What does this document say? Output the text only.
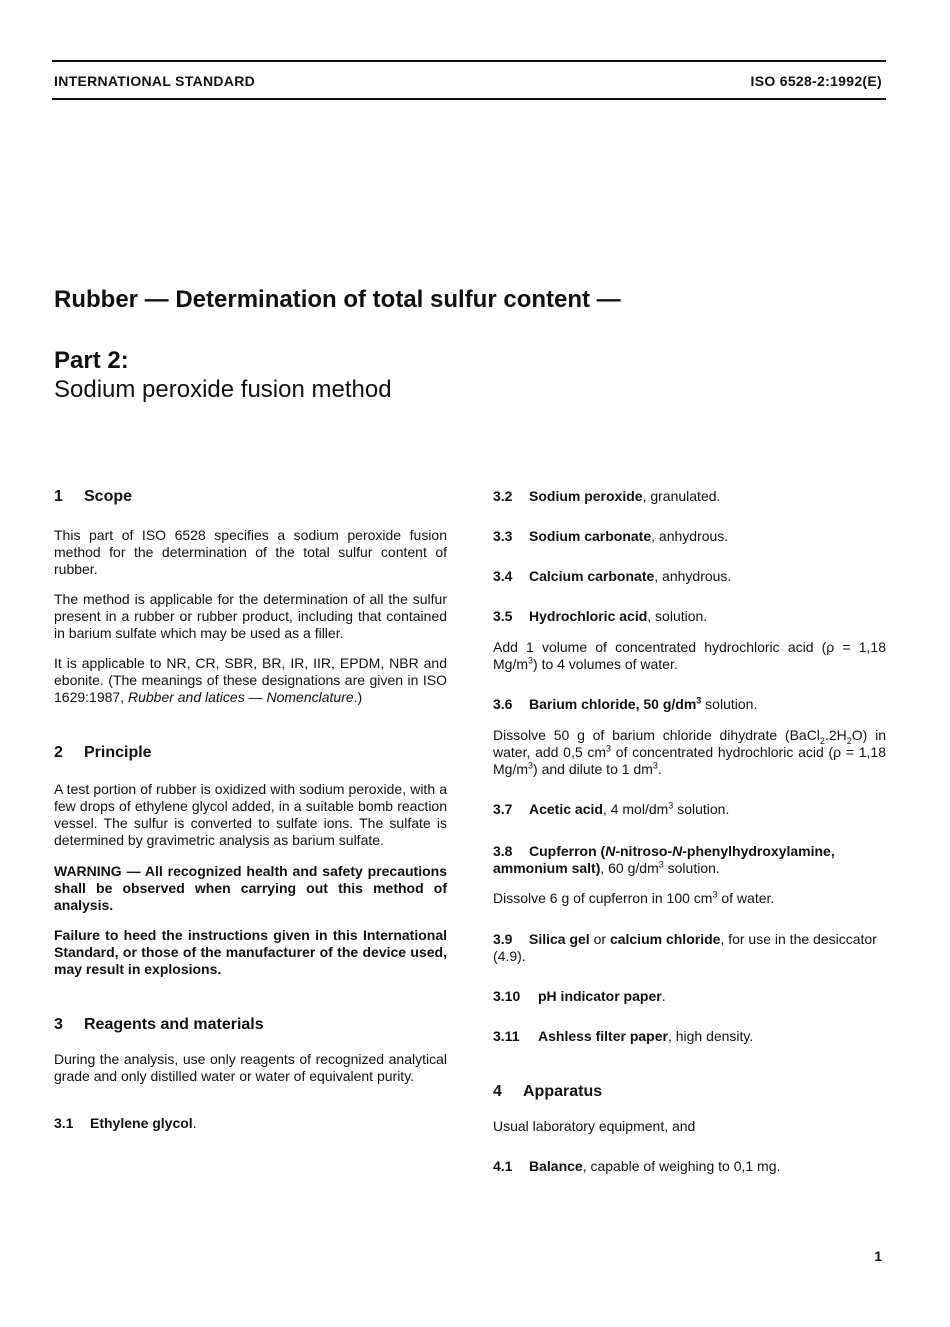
INTERNATIONAL STANDARD	ISO 6528-2:1992(E)
Rubber — Determination of total sulfur content —
Part 2:
Sodium peroxide fusion method
1 Scope

This part of ISO 6528 specifies a sodium peroxide fusion method for the determination of the total sulfur content of rubber.

The method is applicable for the determination of all the sulfur present in a rubber or rubber product, including that contained in barium sulfate which may be used as a filler.

It is applicable to NR, CR, SBR, BR, IR, IIR, EPDM, NBR and ebonite. (The meanings of these designations are given in ISO 1629:1987, Rubber and latices — Nomenclature.)

2 Principle

A test portion of rubber is oxidized with sodium peroxide, with a few drops of ethylene glycol added, in a suitable bomb reaction vessel. The sulfur is converted to sulfate ions. The sulfate is determined by gravimetric analysis as barium sulfate.

WARNING — All recognized health and safety precautions shall be observed when carrying out this method of analysis.

Failure to heed the instructions given in this International Standard, or those of the manufacturer of the device used, may result in explosions.

3 Reagents and materials

During the analysis, use only reagents of recognized analytical grade and only distilled water or water of equivalent purity.

3.1 Ethylene glycol.
3.2 Sodium peroxide, granulated.
3.3 Sodium carbonate, anhydrous.
3.4 Calcium carbonate, anhydrous.
3.5 Hydrochloric acid, solution.

Add 1 volume of concentrated hydrochloric acid (ρ = 1,18 $Mg/m^3$) to 4 volumes of water.

3.6 Barium chloride, 50 $g/dm^3$ solution.

Dissolve 50 g of barium chloride dihydrate $(BaCl_2.2H_2O)$ in water, add 0,5 $cm^3$ of concentrated hydrochloric acid (ρ = 1,18 $Mg/m^3$) and dilute to 1 $dm^3$.

3.7 Acetic acid, 4 mol/$dm^3$ solution.
3.8 Cupferron (N-nitroso-N-phenylhydroxylamine, ammonium salt), 60 $g/dm^3$ solution.

Dissolve 6 g of cupferron in 100 $cm^3$ of water.

3.9 Silica gel or calcium chloride, for use in the desiccator (4.9).
3.10 pH indicator paper.
3.11 Ashless filter paper, high density.
4 Apparatus

Usual laboratory equipment, and

4.1 Balance, capable of weighing to 0,1 mg.
1
